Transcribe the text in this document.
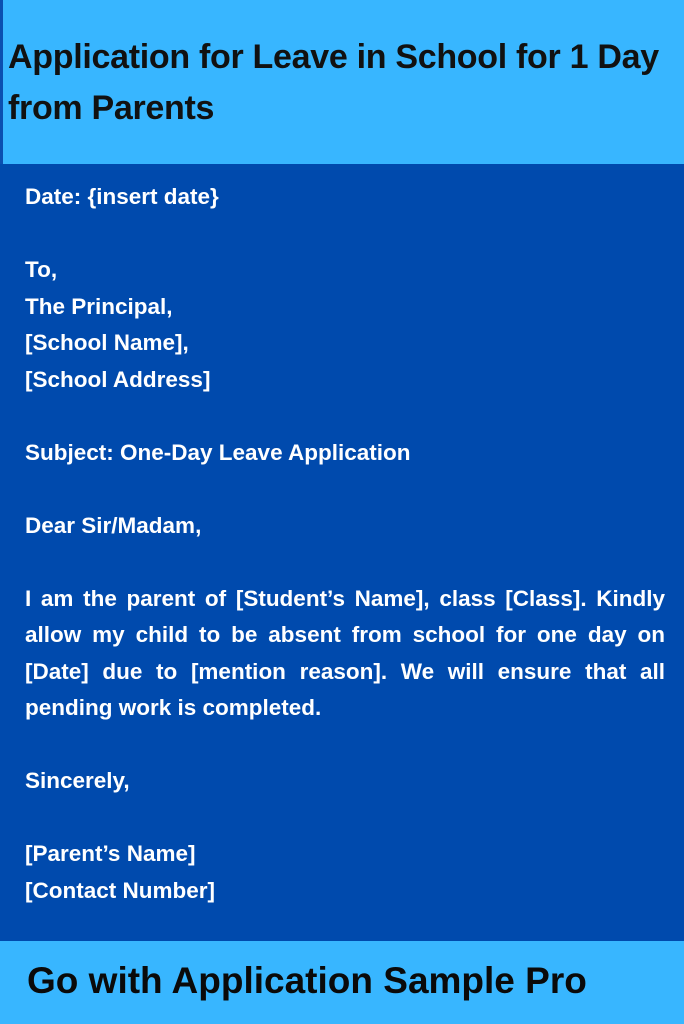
Application for Leave in School for 1 Day from Parents

Date: {insert date}

To,

The Principal,

[School Name],

[School Address]

Subject: One-Day Leave Application

Dear Sir/Madam,

I am the parent of [Student’s Name], class [Class]. Kindly allow my child to be absent from school for one day on [Date] due to [mention reason]. We will ensure that all pending work is completed.

Sincerely,

[Parent’s Name]

[Contact Number]

Go with Application Sample Pro
